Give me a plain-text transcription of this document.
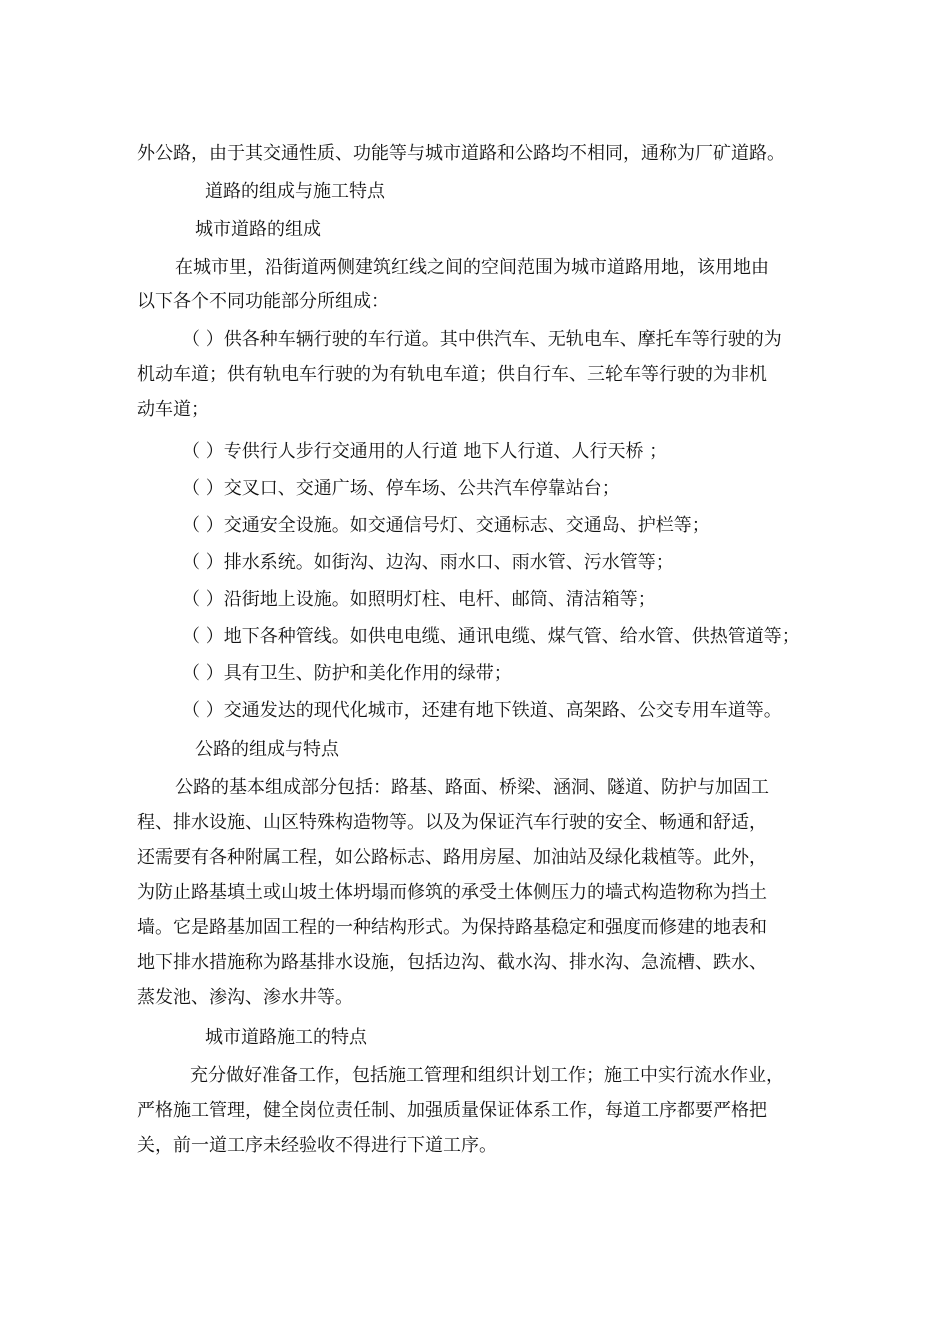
外公路，由于其交通性质、功能等与城市道路和公路均不相同，通称为厂矿道路。
道路的组成与施工特点
城市道路的组成
在城市里，沿街道两侧建筑红线之间的空间范围为城市道路用地，该用地由
以下各个不同功能部分所组成：
（ ）供各种车辆行驶的车行道。其中供汽车、无轨电车、摩托车等行驶的为
机动车道；供有轨电车行驶的为有轨电车道；供自行车、三轮车等行驶的为非机
动车道；
（ ）专供行人步行交通用的人行道 地下人行道、人行天桥 ；
（ ）交叉口、交通广场、停车场、公共汽车停靠站台；
（ ）交通安全设施。如交通信号灯、交通标志、交通岛、护栏等；
（ ）排水系统。如街沟、边沟、雨水口、雨水管、污水管等；
（ ）沿街地上设施。如照明灯柱、电杆、邮筒、清洁箱等；
（ ）地下各种管线。如供电电缆、通讯电缆、煤气管、给水管、供热管道等；
（ ）具有卫生、防护和美化作用的绿带；
（ ）交通发达的现代化城市，还建有地下铁道、高架路、公交专用车道等。
公路的组成与特点
公路的基本组成部分包括：路基、路面、桥梁、涵洞、隧道、防护与加固工
程、排水设施、山区特殊构造物等。以及为保证汽车行驶的安全、畅通和舒适，
还需要有各种附属工程，如公路标志、路用房屋、加油站及绿化栽植等。此外，
为防止路基填土或山坡土体坍塌而修筑的承受土体侧压力的墙式构造物称为挡土
墙。它是路基加固工程的一种结构形式。为保持路基稳定和强度而修建的地表和
地下排水措施称为路基排水设施，包括边沟、截水沟、排水沟、急流槽、跌水、
蒸发池、渗沟、渗水井等。
城市道路施工的特点
充分做好准备工作，包括施工管理和组织计划工作；施工中实行流水作业，
严格施工管理，健全岗位责任制、加强质量保证体系工作，每道工序都要严格把
关，前一道工序未经验收不得进行下道工序。
